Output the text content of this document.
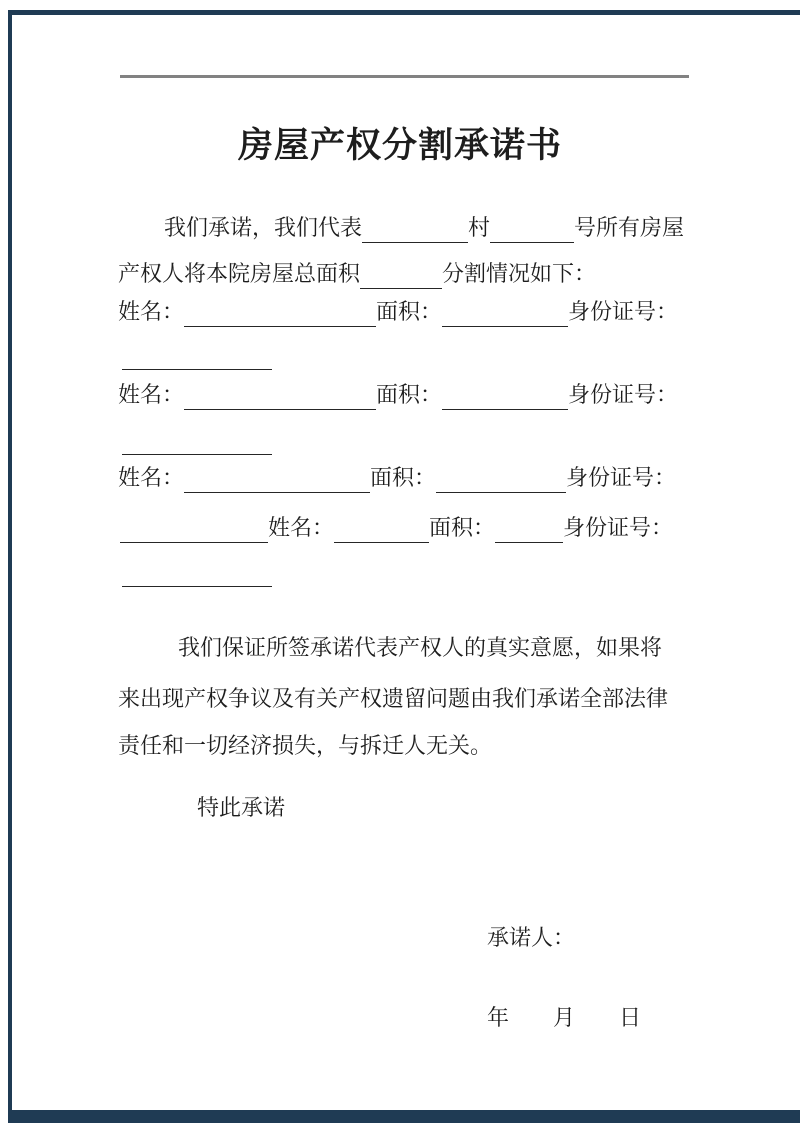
房屋产权分割承诺书
我们承诺，我们代表	村	号所有房屋
产权人将本院房屋总面积	分割情况如下：
姓名：	面积：	身份证号：
姓名：	面积：	身份证号：
姓名：	面积：	身份证号：
姓名：	面积：	身份证号：
我们保证所签承诺代表产权人的真实意愿，如果将
来出现产权争议及有关产权遗留问题由我们承诺全部法律
责任和一切经济损失，与拆迁人无关。
特此承诺
承诺人：
年　　月　　日
